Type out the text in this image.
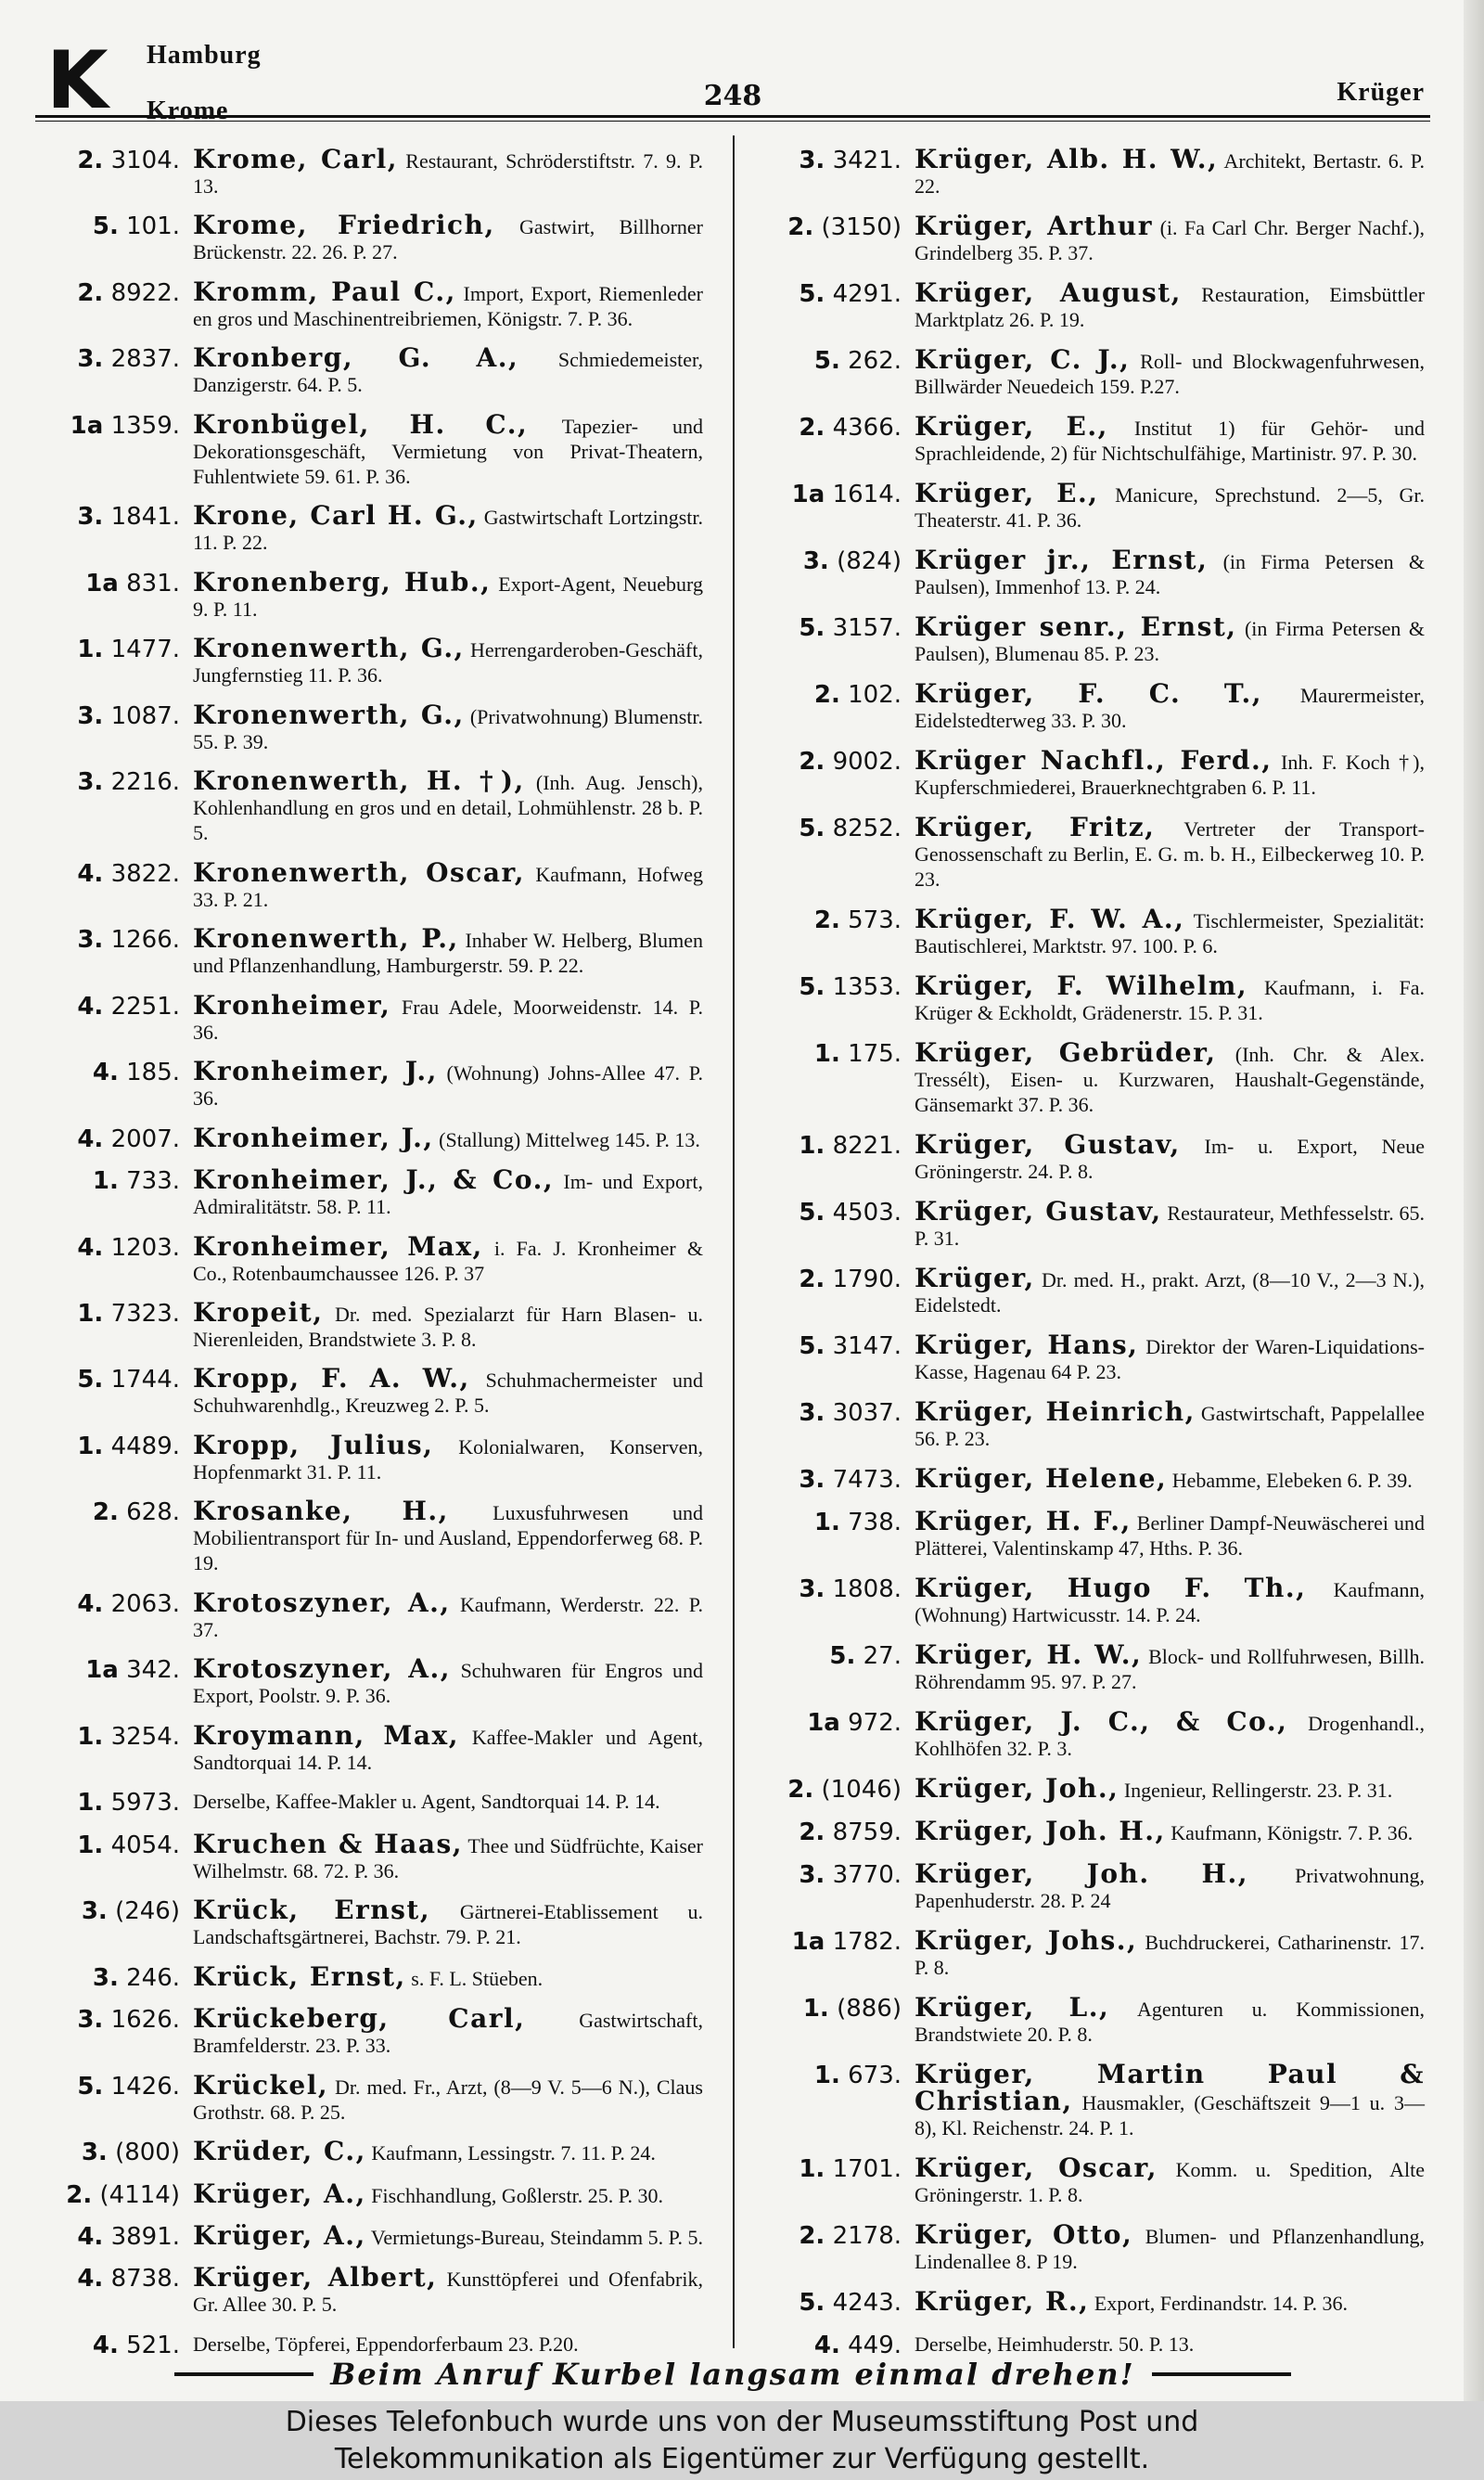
K Hamburg
Krome	248	Krüger
2. 3104. Krome, Carl, Restaurant, Schröderstiftstr. 7. 9. P. 13.
5. 101. Krome, Friedrich, Gastwirt, Billhorner Brückenstr. 22. 26. P. 27.
2. 8922. Kromm, Paul C., Import, Export, Riemenleder en gros und Maschinentreibriemen, Königstr. 7. P. 36.
3. 2837. Kronberg, G. A., Schmiedemeister, Danzigerstr. 64. P. 5.
1a 1359. Kronbügel, H. C., Tapezier- und Dekorationsgeschäft, Vermietung von Privat-Theatern, Fuhlentwiete 59. 61. P. 36.
3. 1841. Krone, Carl H. G., Gastwirtschaft Lortzingstr. 11. P. 22.
1a 831. Kronenberg, Hub., Export-Agent, Neueburg 9. P. 11.
1. 1477. Kronenwerth, G., Herrengarderoben-Geschäft, Jungfernstieg 11. P. 36.
3. 1087. Kronenwerth, G., (Privatwohnung) Blumenstr. 55. P. 39.
3. 2216. Kronenwerth, H. †), (Inh. Aug. Jensch), Kohlenhandlung en gros und en detail, Lohmühlenstr. 28 b. P. 5.
4. 3822. Kronenwerth, Oscar, Kaufmann, Hofweg 33. P. 21.
3. 1266. Kronenwerth, P., Inhaber W. Helberg, Blumen und Pflanzenhandlung, Hamburgerstr. 59. P. 22.
4. 2251. Kronheimer, Frau Adele, Moorweidenstr. 14. P. 36.
4. 185. Kronheimer, J., (Wohnung) Johns-Allee 47. P. 36.
4. 2007. Kronheimer, J., (Stallung) Mittelweg 145. P. 13.
1. 733. Kronheimer, J., & Co., Im- und Export, Admiralitätstr. 58. P. 11.
4. 1203. Kronheimer, Max, i. Fa. J. Kronheimer & Co., Rotenbaumchaussee 126. P. 37
1. 7323. Kropeit, Dr. med. Spezialarzt für Harn Blasen- u. Nierenleiden, Brandstwiete 3. P. 8.
5. 1744. Kropp, F. A. W., Schuhmachermeister und Schuhwarenhdlg., Kreuzweg 2. P. 5.
1. 4489. Kropp, Julius, Kolonialwaren, Konserven, Hopfenmarkt 31. P. 11.
2. 628. Krosanke, H., Luxusfuhrwesen und Mobilientransport für In- und Ausland, Eppendorferweg 68. P. 19.
4. 2063. Krotoszyner, A., Kaufmann, Werderstr. 22. P. 37.
1a 342. Krotoszyner, A., Schuhwaren für Engros und Export, Poolstr. 9. P. 36.
1. 3254. Kroymann, Max, Kaffee-Makler und Agent, Sandtorquai 14. P. 14.
1. 5973. Derselbe, Kaffee-Makler u. Agent, Sandtorquai 14. P. 14.
1. 4054. Kruchen & Haas, Thee und Südfrüchte, Kaiser Wilhelmstr. 68. 72. P. 36.
3. (246) Krück, Ernst, Gärtnerei-Etablissement u. Landschaftsgärtnerei, Bachstr. 79. P. 21.
3. 246. Krück, Ernst, s. F. L. Stüeben.
3. 1626. Krückeberg, Carl,	Gastwirtschaft, Bramfelderstr. 23. P. 33.
5. 1426. Krückel, Dr. med. Fr., Arzt, (8—9 V. 5—6 N.), Claus Grothstr. 68. P. 25.
3. (800) Krüder, C., Kaufmann, Lessingstr. 7. 11. P. 24.
2. (4114) Krüger, A., Fischhandlung, Goßlerstr. 25. P. 30.
4. 3891. Krüger, A., Vermietungs-Bureau, Steindamm 5. P. 5.
4. 8738. Krüger, Albert, Kunsttöpferei und Ofenfabrik, Gr. Allee 30. P. 5.
4. 521. Derselbe, Töpferei, Eppendorferbaum 23. P.20.
3. 3421. Krüger, Alb. H. W., Architekt, Bertastr. 6. P. 22.
2. (3150) Krüger, Arthur (i. Fa Carl Chr. Berger Nachf.), Grindelberg 35. P. 37.
5. 4291. Krüger, August, Restauration, Eimsbüttler Marktplatz 26. P. 19.
5. 262. Krüger, C. J., Roll- und Blockwagenfuhrwesen, Billwärder Neuedeich 159. P.27.
2. 4366. Krüger, E., Institut 1) für Gehör- und Sprachleidende, 2) für Nichtschulfähige, Martinistr. 97. P. 30.
1a 1614. Krüger, E., Manicure, Sprechstund. 2—5, Gr. Theaterstr. 41. P. 36.
3. (824) Krüger jr., Ernst, (in Firma Petersen & Paulsen), Immenhof 13. P. 24.
5. 3157. Krüger senr., Ernst, (in Firma Petersen & Paulsen), Blumenau 85. P. 23.
2. 102. Krüger, F. C. T., Maurermeister, Eidelstedterweg 33. P. 30.
2. 9002. Krüger Nachfl., Ferd., Inh. F. Koch †), Kupferschmiederei, Brauerknechtgraben 6. P. 11.
5. 8252. Krüger, Fritz, Vertreter der Transport-Genossenschaft zu Berlin, E. G. m. b. H., Eilbeckerweg 10. P. 23.
2. 573. Krüger, F. W. A., Tischlermeister, Spezialität: Bautischlerei, Marktstr. 97. 100. P. 6.
5. 1353. Krüger, F. Wilhelm, Kaufmann, i. Fa. Krüger & Eckholdt, Grädenerstr. 15. P. 31.
1. 175. Krüger, Gebrüder, (Inh. Chr. & Alex. Tressélt), Eisen- u. Kurzwaren, Haushalt-Gegenstände, Gänsemarkt 37. P. 36.
1. 8221. Krüger, Gustav, Im- u. Export, Neue Gröningerstr. 24. P. 8.
5. 4503. Krüger, Gustav, Restaurateur, Methfesselstr. 65. P. 31.
2. 1790. Krüger, Dr. med. H., prakt. Arzt, (8—10 V., 2—3 N.), Eidelstedt.
5. 3147. Krüger, Hans, Direktor der Waren-Liquidations-Kasse, Hagenau 64 P. 23.
3. 3037. Krüger, Heinrich, Gastwirtschaft, Pappelallee 56. P. 23.
3. 7473. Krüger, Helene, Hebamme, Elebeken 6. P. 39.
1. 738. Krüger, H. F., Berliner Dampf-Neuwäscherei und Plätterei, Valentinskamp 47, Hths. P. 36.
3. 1808. Krüger, Hugo F. Th., Kaufmann, (Wohnung) Hartwicusstr. 14. P. 24.
5. 27. Krüger, H. W., Block- und Rollfuhrwesen, Billh. Röhrendamm 95. 97. P. 27.
1a 972. Krüger, J. C., & Co., Drogenhandl., Kohlhöfen 32. P. 3.
2. (1046) Krüger, Joh., Ingenieur, Rellingerstr. 23. P. 31.
2. 8759. Krüger, Joh. H., Kaufmann, Königstr. 7. P. 36.
3. 3770. Krüger, Joh. H., Privatwohnung, Papenhuderstr. 28. P. 24
1a 1782. Krüger, Johs., Buchdruckerei, Catharinenstr. 17. P. 8.
1. (886) Krüger, L., Agenturen u. Kommissionen, Brandstwiete 20. P. 8.
1. 673. Krüger, Martin Paul & Christian, Hausmakler, (Geschäftszeit 9—1 u. 3—8), Kl. Reichenstr. 24. P. 1.
1. 1701. Krüger, Oscar, Komm. u. Spedition, Alte Gröningerstr. 1. P. 8.
2. 2178. Krüger, Otto, Blumen- und Pflanzenhandlung, Lindenallee 8. P 19.
5. 4243. Krüger, R., Export, Ferdinandstr. 14. P. 36.
4. 449. Derselbe, Heimhuderstr. 50. P. 13.
Beim Anruf Kurbel langsam einmal drehen!
Dieses Telefonbuch wurde uns von der Museumsstiftung Post und
Telekommunikation als Eigentümer zur Verfügung gestellt.
